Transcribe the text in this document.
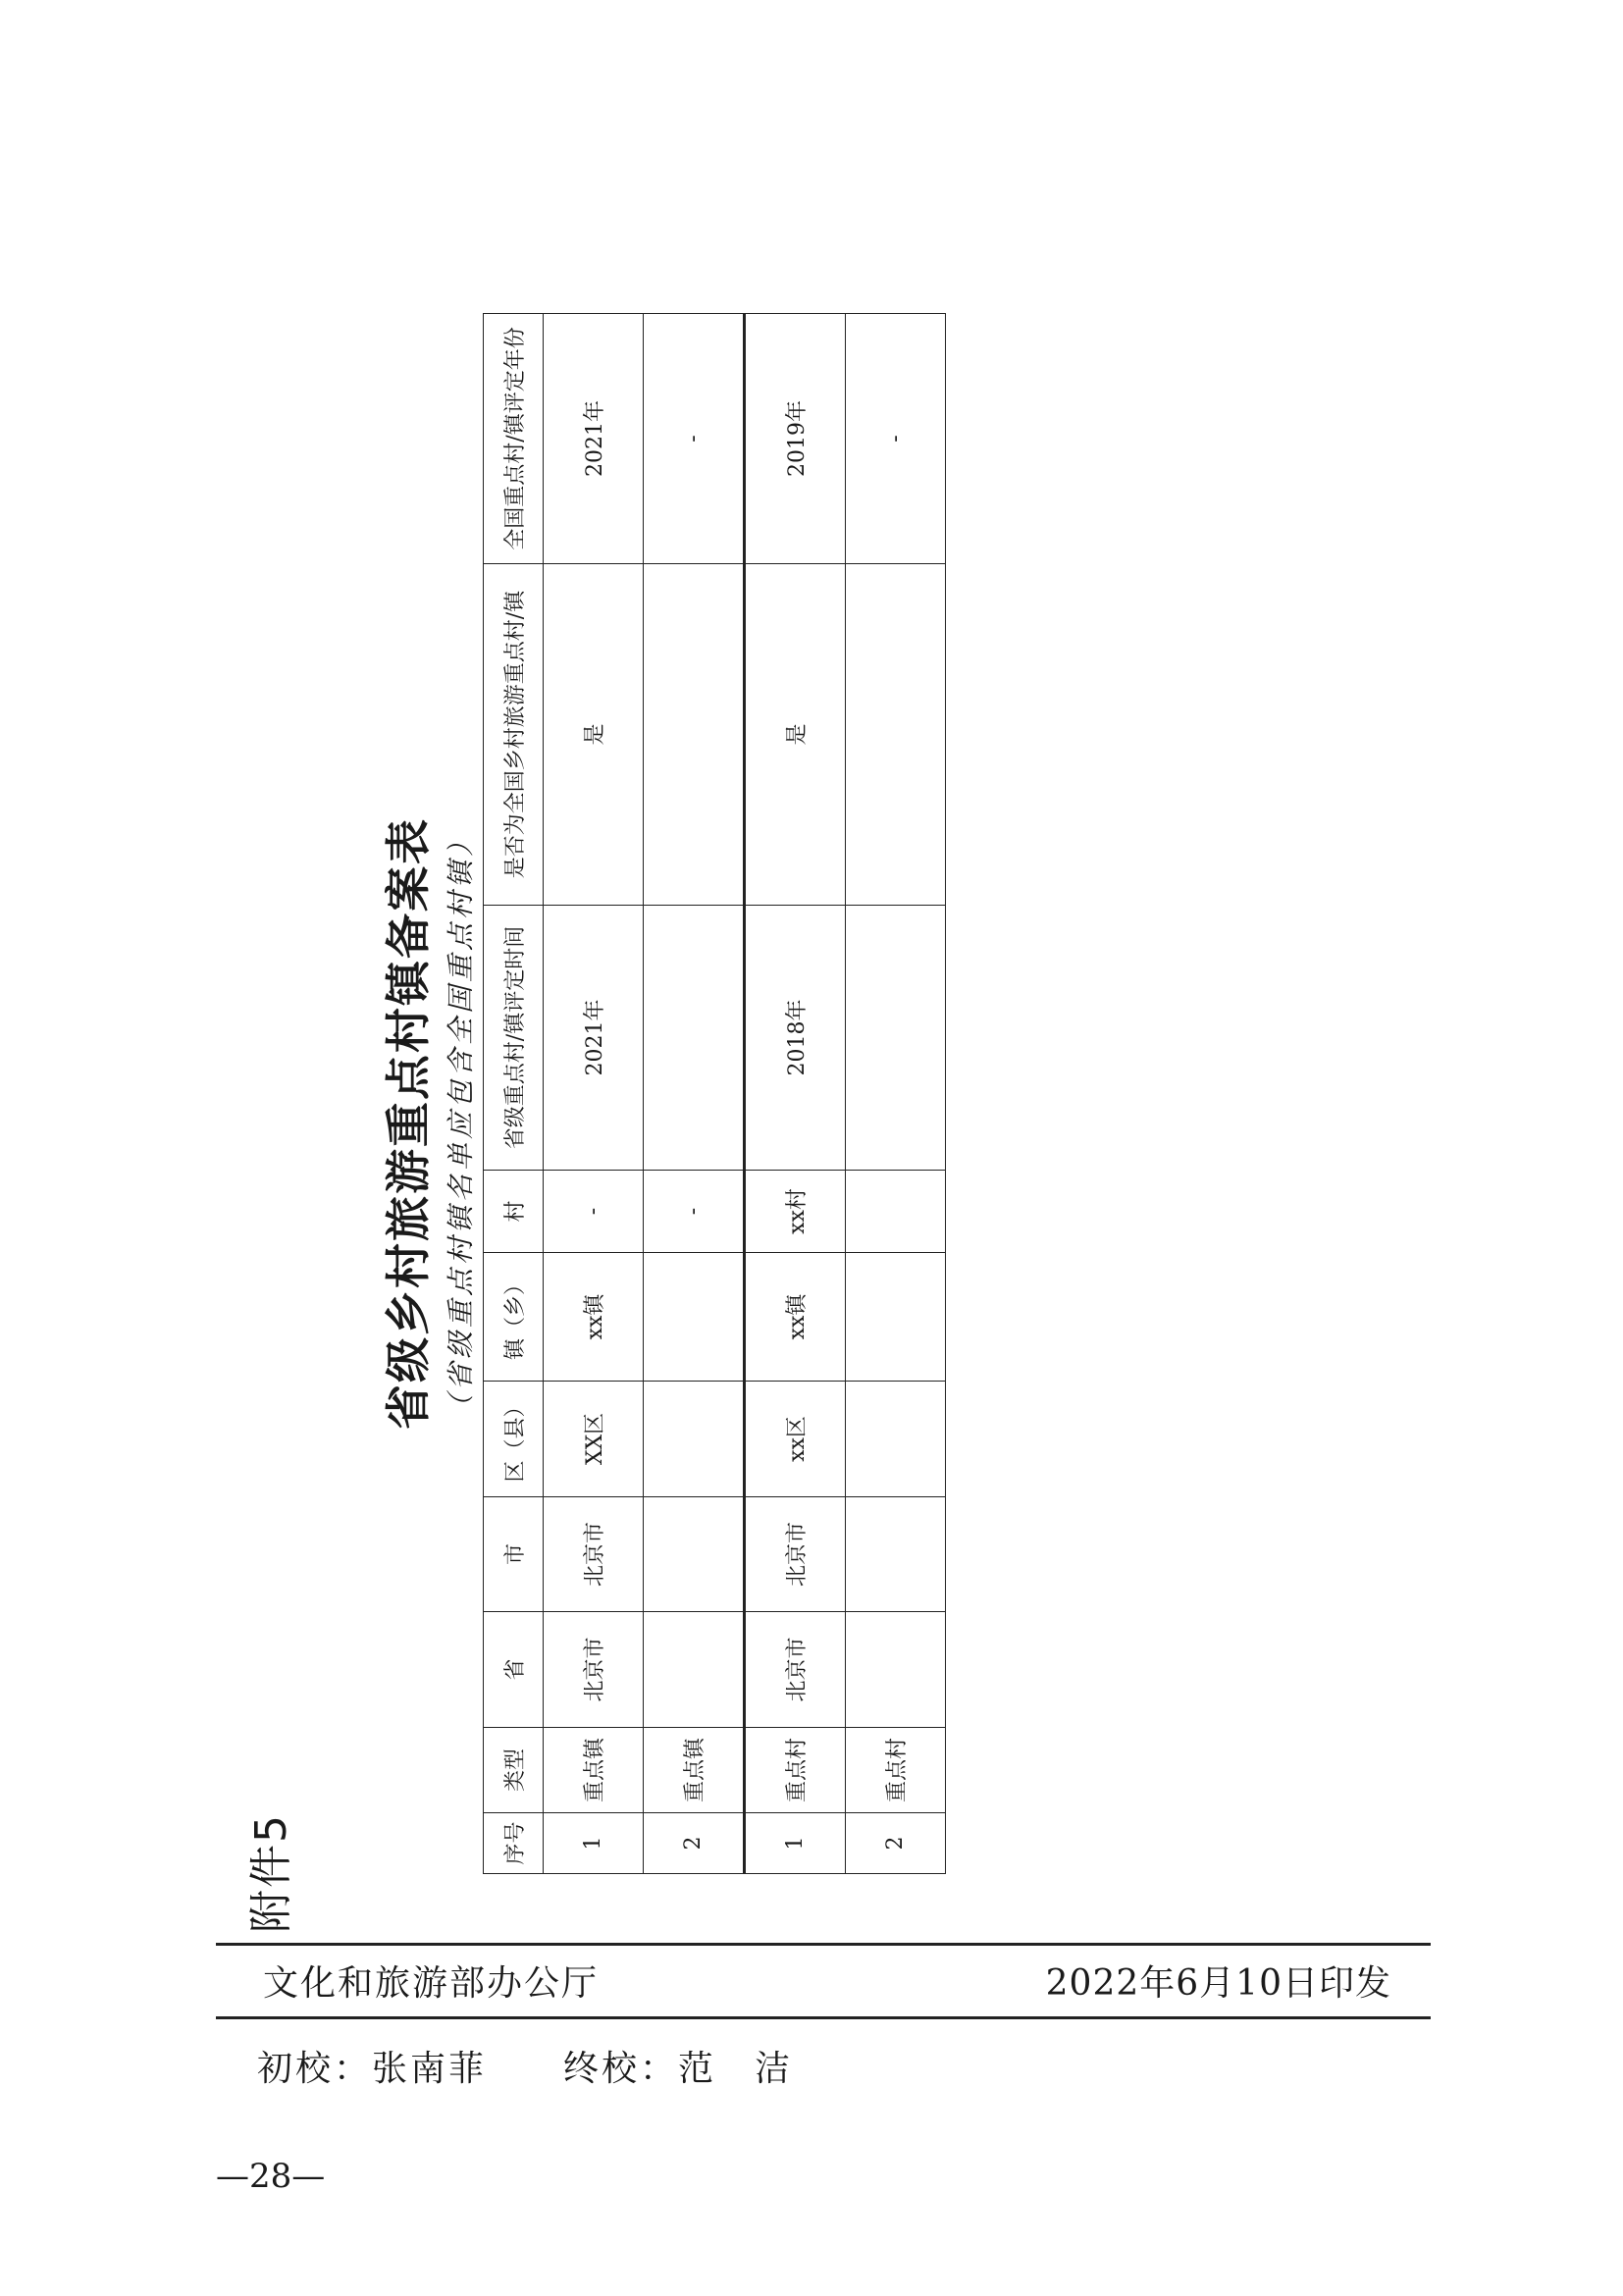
附件5
省级乡村旅游重点村镇备案表 （省级重点村镇名单应包含全国重点村镇）
序号	类型	省	市	区（县）	镇（乡）	村	省级重点村/镇评定时间	是否为全国乡村旅游重点村/镇	全国重点村/镇评定年份
1	重点镇	北京市	北京市	XX区	xx镇	-	2021年	是	2021年
2	重点镇					-			-
1	重点村	北京市	北京市	xx区	xx镇	xx村	2018年	是	2019年
2	重点村								-
文化和旅游部办公厅	2022年6月10日印发
初校：张南菲　　终校：范　洁
—28—
